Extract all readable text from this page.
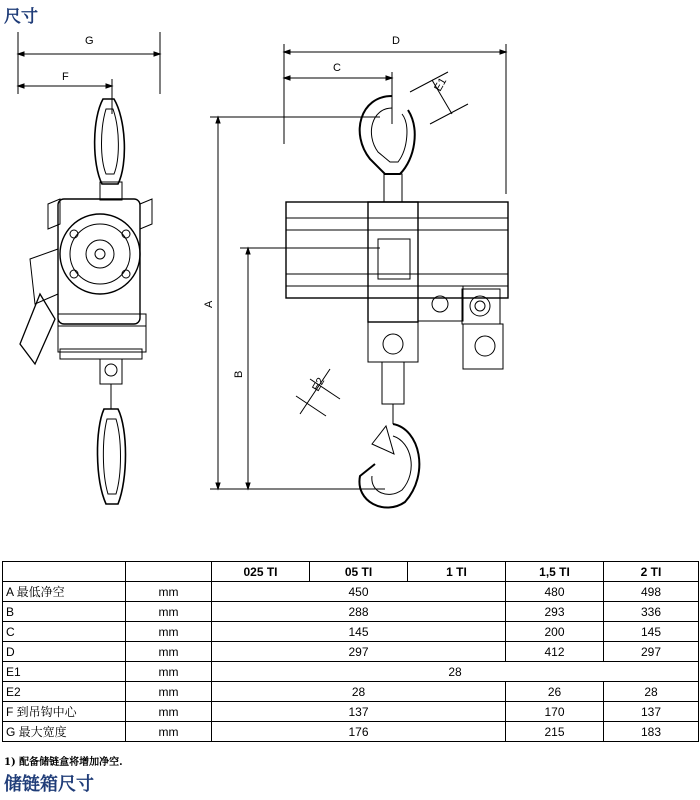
尺寸
G
F
D
C
E1
A
B
E2
		025 TI	05 TI	1 TI	1,5 TI	2 TI
A 最低净空	mm	450			480	498
B	mm	288			293	336
C	mm	145			200	145
D	mm	297			412	297
E1	mm	28				
E2	mm	28			26	28
F 到吊钩中心	mm	137			170	137
G 最大宽度	mm	176			215	183
1) 配备储链盒将增加净空.
储链箱尺寸
